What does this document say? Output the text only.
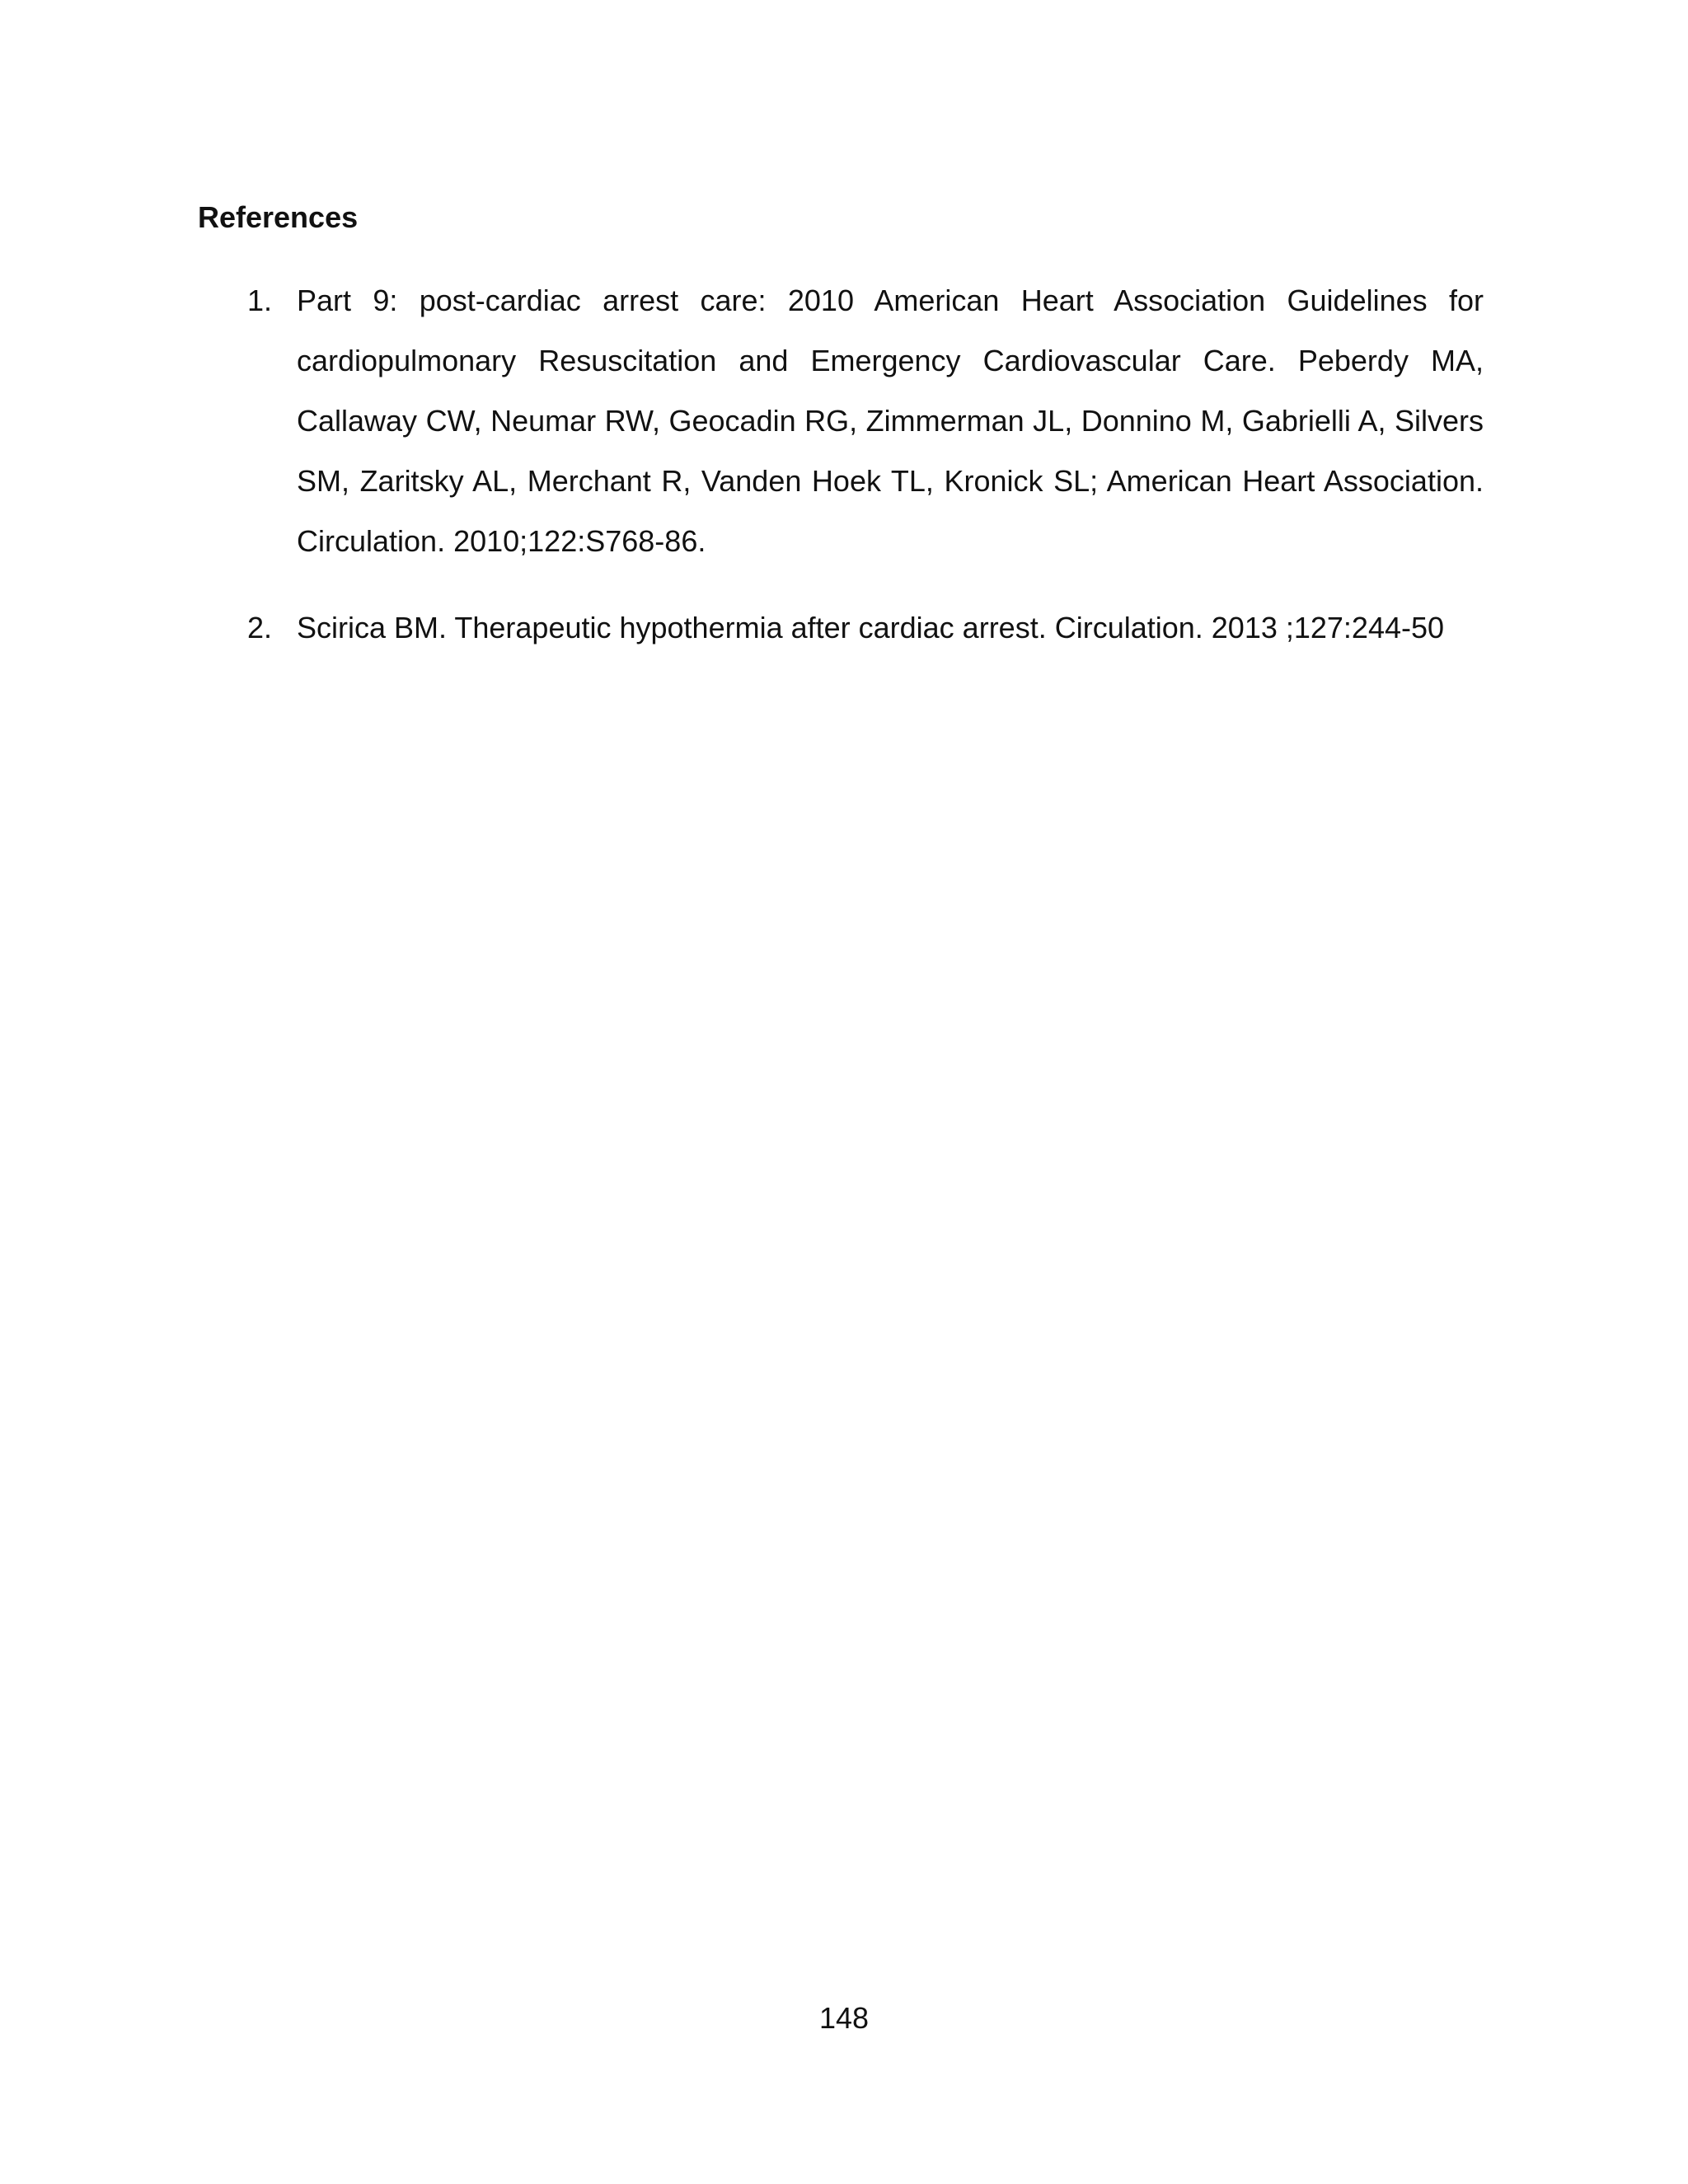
References
1. Part 9: post-cardiac arrest care: 2010 American Heart Association Guidelines for cardiopulmonary Resuscitation and Emergency Cardiovascular Care. Peberdy MA, Callaway CW, Neumar RW, Geocadin RG, Zimmerman JL, Donnino M, Gabrielli A, Silvers SM, Zaritsky AL, Merchant R, Vanden Hoek TL, Kronick SL; American Heart Association. Circulation. 2010;122:S768-86.
2. Scirica BM. Therapeutic hypothermia after cardiac arrest. Circulation. 2013 ;127:244-50
148
